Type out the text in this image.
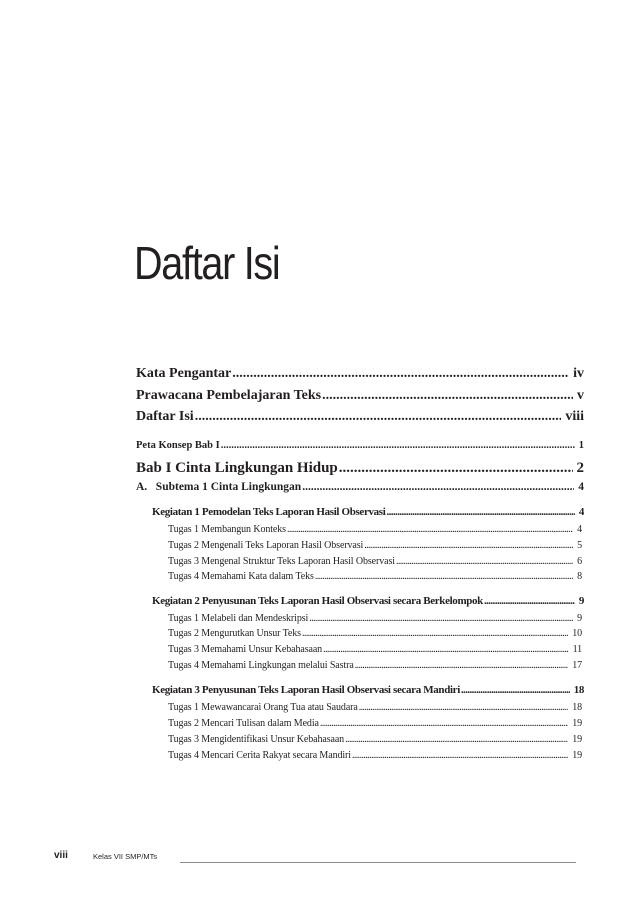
Daftar Isi
Kata Pengantar .....	iv
Prawacana Pembelajaran Teks .....	v
Daftar Isi .....	viii
Peta Konsep Bab I .....	1
Bab I Cinta Lingkungan Hidup .....	2
A.   Subtema 1 Cinta Lingkungan .....	4
Kegiatan 1 Pemodelan Teks Laporan Hasil Observasi .....	4
Tugas 1 Membangun Konteks .....	4
Tugas 2 Mengenali Teks Laporan Hasil Observasi .....	5
Tugas 3 Mengenal Struktur Teks Laporan Hasil Observasi .....	6
Tugas 4 Memahami Kata dalam Teks .....	8
Kegiatan 2 Penyusunan Teks Laporan Hasil Observasi secara Berkelompok .....	9
Tugas 1 Melabeli dan Mendeskripsi .....	9
Tugas 2 Mengurutkan Unsur Teks .....	10
Tugas 3 Memahami Unsur Kebahasaan .....	11
Tugas 4 Memahami Lingkungan melalui Sastra .....	17
Kegiatan 3 Penyusunan Teks Laporan Hasil Observasi secara Mandiri .....	18
Tugas 1 Mewawancarai Orang Tua atau Saudara .....	18
Tugas 2 Mencari Tulisan dalam Media .....	19
Tugas 3 Mengidentifikasi Unsur Kebahasaan .....	19
Tugas 4 Mencari Cerita Rakyat secara Mandiri .....	19
viii	Kelas VII SMP/MTs
